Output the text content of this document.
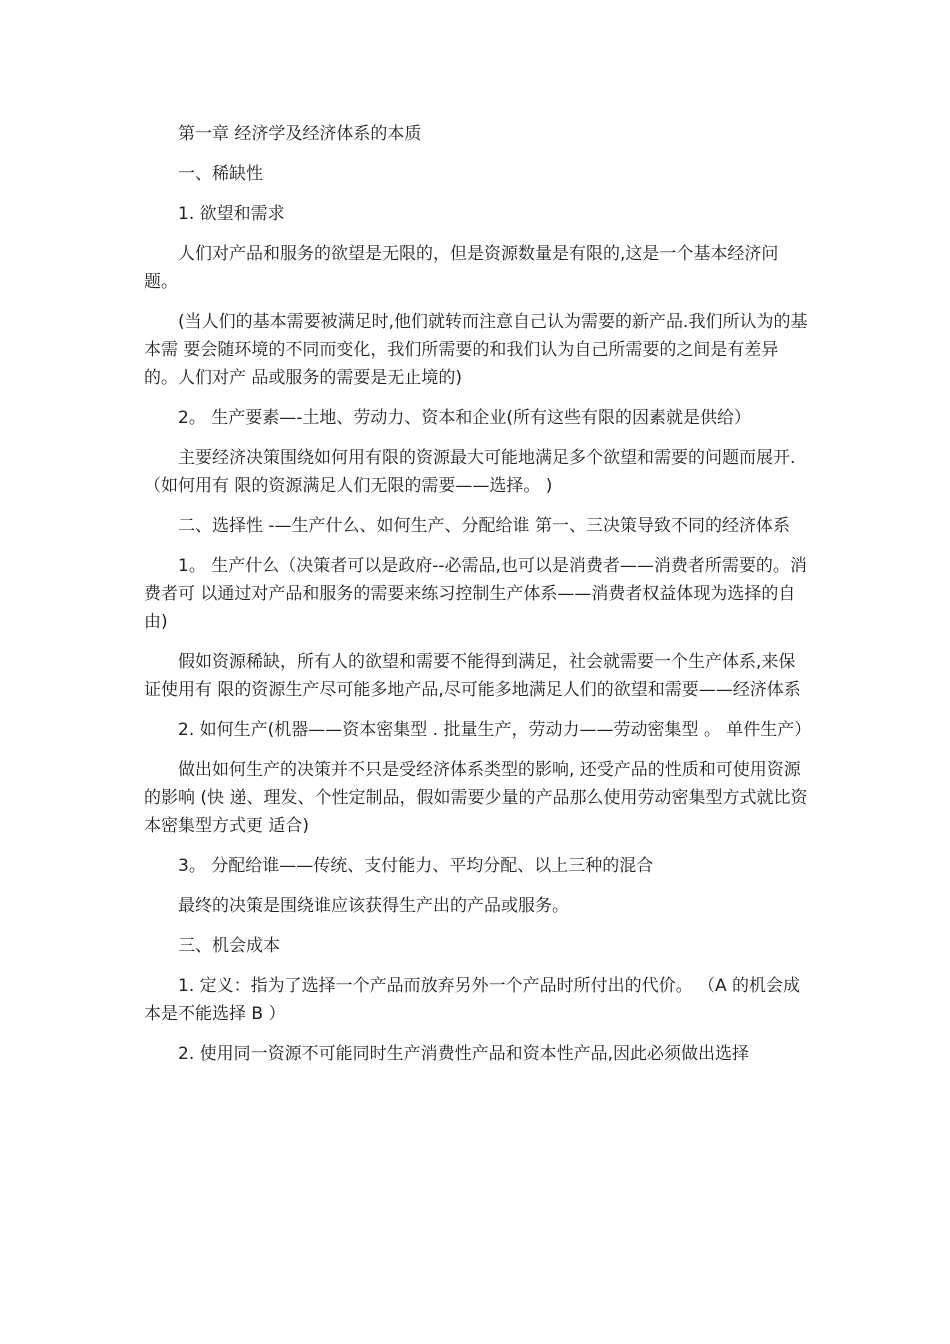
第一章 经济学及经济体系的本质

一、稀缺性

1. 欲望和需求

人们对产品和服务的欲望是无限的，但是资源数量是有限的,这是一个基本经济问题。

(当人们的基本需要被满足时,他们就转而注意自己认为需要的新产品.我们所认为的基本需 要会随环境的不同而变化，我们所需要的和我们认为自己所需要的之间是有差异的。人们对产 品或服务的需要是无止境的)

2。 生产要素—-土地、劳动力、资本和企业(所有这些有限的因素就是供给）

主要经济决策围绕如何用有限的资源最大可能地满足多个欲望和需要的问题而展开. （如何用有 限的资源满足人们无限的需要——选择。 )

二、选择性 -—生产什么、如何生产、分配给谁 第一、三决策导致不同的经济体系

1。 生产什么（决策者可以是政府--必需品,也可以是消费者——消费者所需要的。消费者可 以通过对产品和服务的需要来练习控制生产体系——消费者权益体现为选择的自由)

假如资源稀缺，所有人的欲望和需要不能得到满足，社会就需要一个生产体系,来保证使用有 限的资源生产尽可能多地产品,尽可能多地满足人们的欲望和需要——经济体系

2. 如何生产(机器——资本密集型 . 批量生产，劳动力——劳动密集型 。 单件生产）

做出如何生产的决策并不只是受经济体系类型的影响, 还受产品的性质和可使用资源的影响 (快 递、理发、个性定制品，假如需要少量的产品那么使用劳动密集型方式就比资本密集型方式更 适合)

3。 分配给谁——传统、支付能力、平均分配、以上三种的混合

最终的决策是围绕谁应该获得生产出的产品或服务。

三、机会成本

1. 定义：指为了选择一个产品而放弃另外一个产品时所付出的代价。 （A 的机会成本是不能选择 B ）

2. 使用同一资源不可能同时生产消费性产品和资本性产品,因此必须做出选择
